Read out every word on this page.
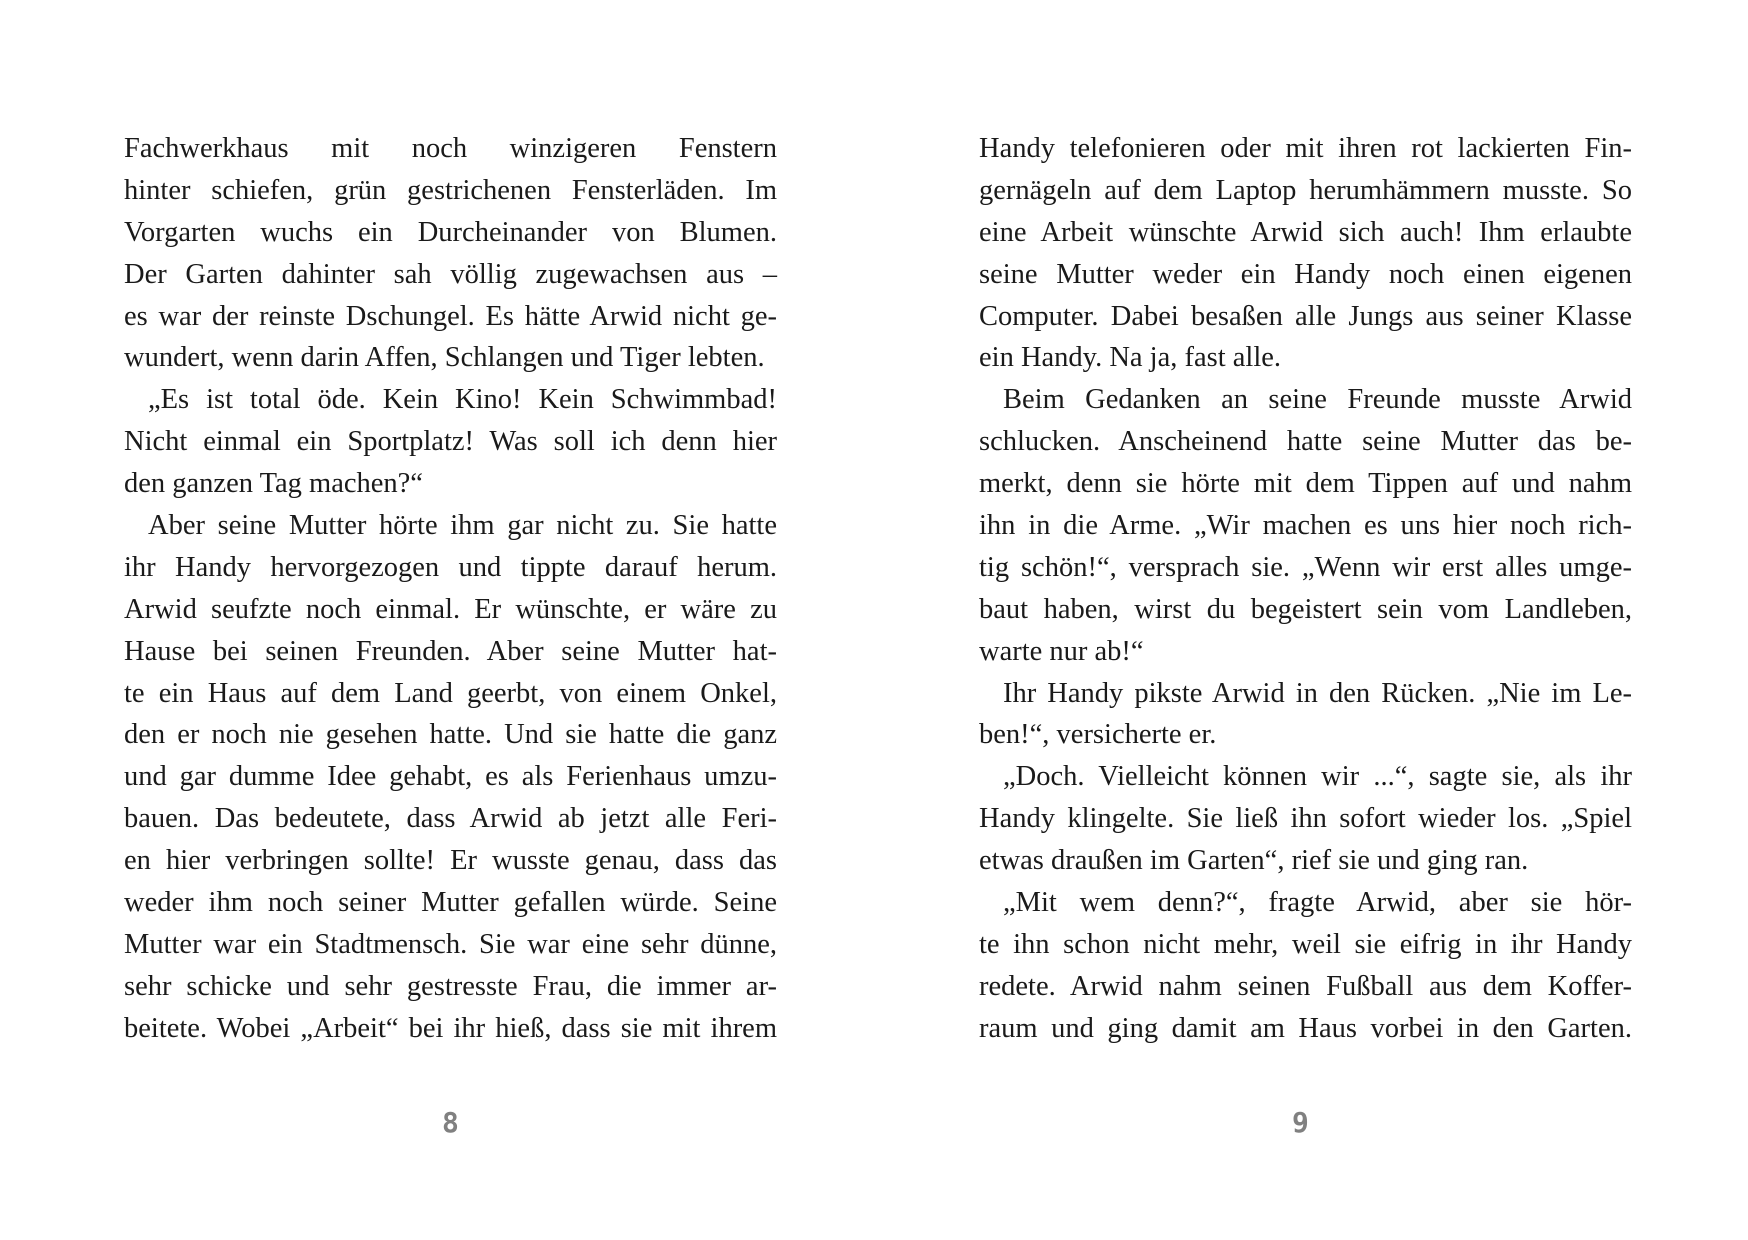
Fachwerkhaus mit noch winzigeren Fenstern
hinter schiefen, grün gestrichenen Fensterläden. Im
Vorgarten wuchs ein Durcheinander von Blumen.
Der Garten dahinter sah völlig zugewachsen aus –
es war der reinste Dschungel. Es hätte Arwid nicht ge-
wundert, wenn darin Affen, Schlangen und Tiger lebten.
„Es ist total öde. Kein Kino! Kein Schwimmbad!
Nicht einmal ein Sportplatz! Was soll ich denn hier
den ganzen Tag machen?“
Aber seine Mutter hörte ihm gar nicht zu. Sie hatte
ihr Handy hervorgezogen und tippte darauf herum.
Arwid seufzte noch einmal. Er wünschte, er wäre zu
Hause bei seinen Freunden. Aber seine Mutter hat-
te ein Haus auf dem Land geerbt, von einem Onkel,
den er noch nie gesehen hatte. Und sie hatte die ganz
und gar dumme Idee gehabt, es als Ferienhaus umzu-
bauen. Das bedeutete, dass Arwid ab jetzt alle Feri-
en hier verbringen sollte! Er wusste genau, dass das
weder ihm noch seiner Mutter gefallen würde. Seine
Mutter war ein Stadtmensch. Sie war eine sehr dünne,
sehr schicke und sehr gestresste Frau, die immer ar-
beitete. Wobei „Arbeit“ bei ihr hieß, dass sie mit ihrem
8
Handy telefonieren oder mit ihren rot lackierten Fin-
gernägeln auf dem Laptop herumhämmern musste. So
eine Arbeit wünschte Arwid sich auch! Ihm erlaubte
seine Mutter weder ein Handy noch einen eigenen
Computer. Dabei besaßen alle Jungs aus seiner Klasse
ein Handy. Na ja, fast alle.
Beim Gedanken an seine Freunde musste Arwid
schlucken. Anscheinend hatte seine Mutter das be-
merkt, denn sie hörte mit dem Tippen auf und nahm
ihn in die Arme. „Wir machen es uns hier noch rich-
tig schön!“, versprach sie. „Wenn wir erst alles umge-
baut haben, wirst du begeistert sein vom Landleben,
warte nur ab!“
Ihr Handy pikste Arwid in den Rücken. „Nie im Le-
ben!“, versicherte er.
„Doch. Vielleicht können wir ...“, sagte sie, als ihr
Handy klingelte. Sie ließ ihn sofort wieder los. „Spiel
etwas draußen im Garten“, rief sie und ging ran.
„Mit wem denn?“, fragte Arwid, aber sie hör-
te ihn schon nicht mehr, weil sie eifrig in ihr Handy
redete. Arwid nahm seinen Fußball aus dem Koffer-
raum und ging damit am Haus vorbei in den Garten.
9
